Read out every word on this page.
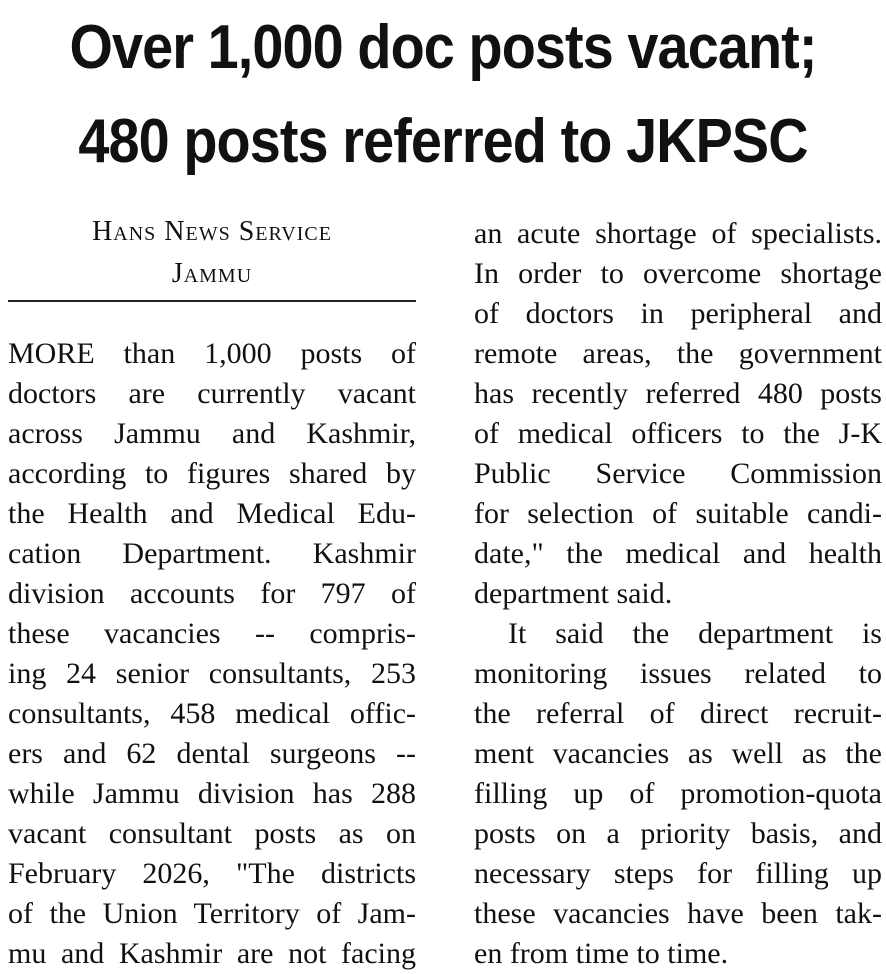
Over 1,000 doc posts vacant;
480 posts referred to JKPSC
Hans News Service
Jammu
MORE than 1,000 posts of
doctors are currently vacant
across Jammu and Kashmir,
according to figures shared by
the Health and Medical Edu-
cation Department. Kashmir
division accounts for 797 of
these vacancies -- compris-
ing 24 senior consultants, 253
consultants, 458 medical offic-
ers and 62 dental surgeons --
while Jammu division has 288
vacant consultant posts as on
February 2026, "The districts
of the Union Territory of Jam-
mu and Kashmir are not facing
an acute shortage of specialists.
In order to overcome shortage
of doctors in peripheral and
remote areas, the government
has recently referred 480 posts
of medical officers to the J-K
Public Service Commission
for selection of suitable candi-
date," the medical and health
department said.
It said the department is
monitoring issues related to
the referral of direct recruit-
ment vacancies as well as the
filling up of promotion-quota
posts on a priority basis, and
necessary steps for filling up
these vacancies have been tak-
en from time to time.
